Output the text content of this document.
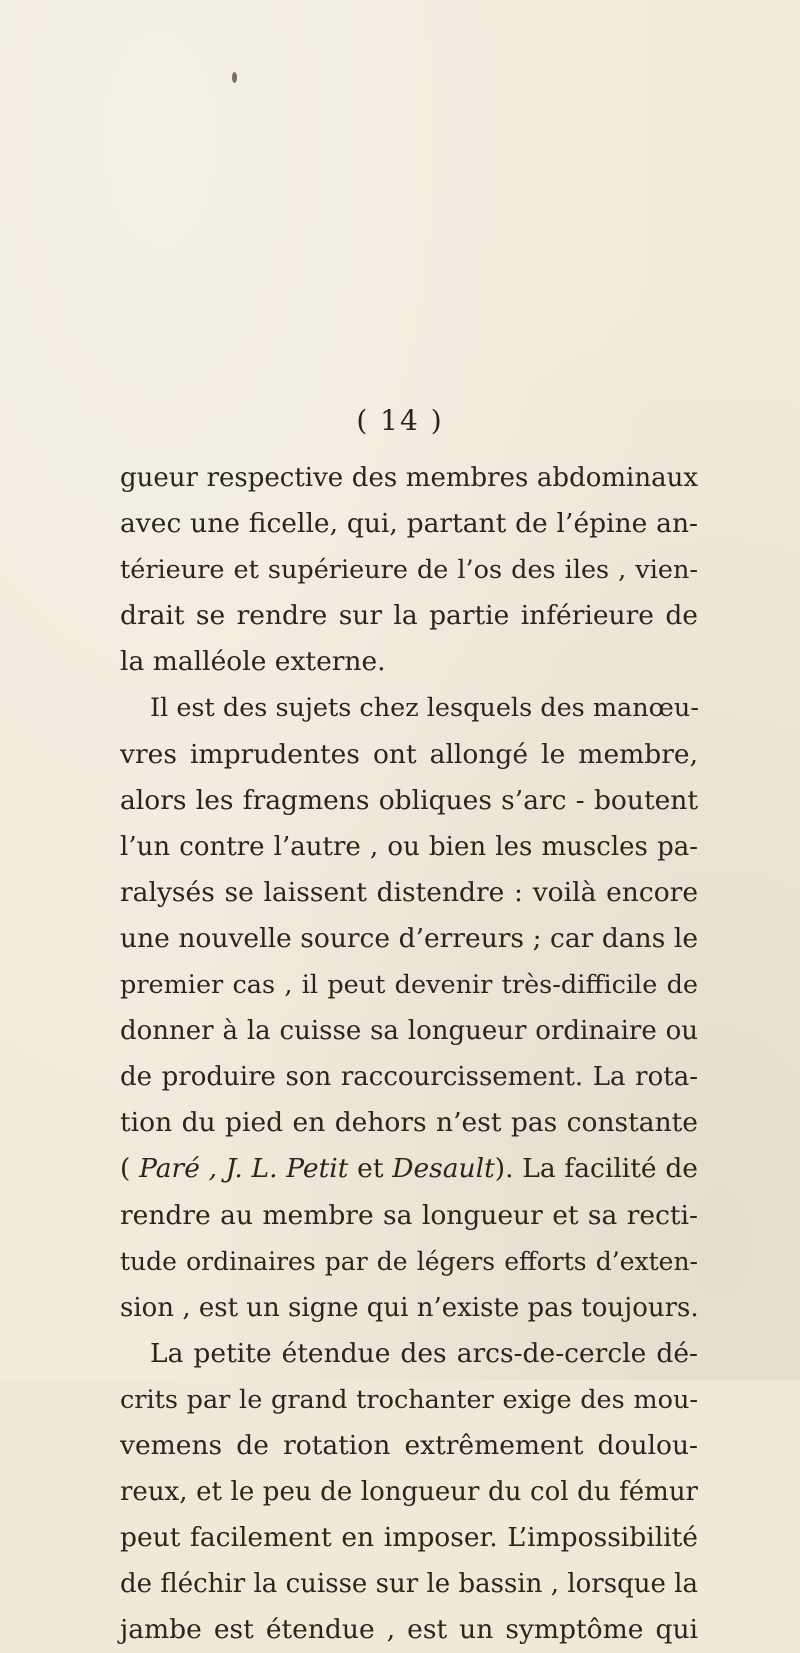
( 14 )
gueur respective des membres abdominaux
avec une ficelle, qui, partant de l’épine an-
térieure et supérieure de l’os des iles , vien-
drait se rendre sur la partie inférieure de
la malléole externe.
Il est des sujets chez lesquels des manœu-
vres imprudentes ont allongé le membre,
alors les fragmens obliques s’arc - boutent
l’un contre l’autre , ou bien les muscles pa-
ralysés se laissent distendre : voilà encore
une nouvelle source d’erreurs ; car dans le
premier cas , il peut devenir très-difficile de
donner à la cuisse sa longueur ordinaire ou
de produire son raccourcissement. La rota-
tion du pied en dehors n’est pas constante
( Paré , J. L. Petit et Desault). La facilité de
rendre au membre sa longueur et sa recti-
tude ordinaires par de légers efforts d’exten-
sion , est un signe qui n’existe pas toujours.
La petite étendue des arcs-de-cercle dé-
crits par le grand trochanter exige des mou-
vemens de rotation extrêmement doulou-
reux, et le peu de longueur du col du fémur
peut facilement en imposer. L’impossibilité
de fléchir la cuisse sur le bassin , lorsque la
jambe est étendue , est un symptôme qui
